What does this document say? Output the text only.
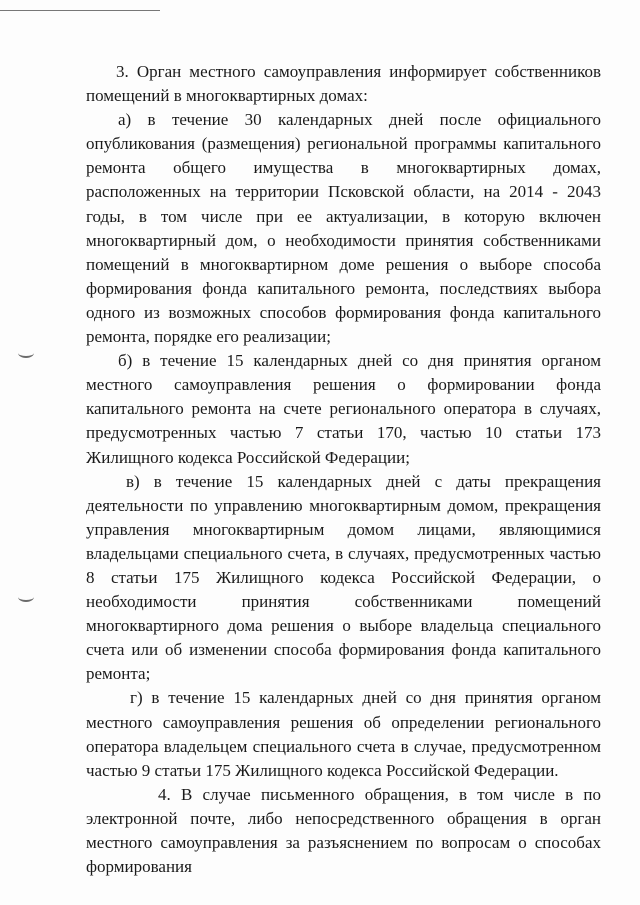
3. Орган местного самоуправления информирует собственников помещений в многоквартирных домах:

а) в течение 30 календарных дней после официального опубликования (размещения) региональной программы капитального ремонта общего имущества в многоквартирных домах, расположенных на территории Псковской области, на 2014 - 2043 годы, в том числе при ее актуализации, в которую включен многоквартирный дом, о необходимости принятия собственниками помещений в многоквартирном доме решения о выборе способа формирования фонда капитального ремонта, последствиях выбора одного из возможных способов формирования фонда капитального ремонта, порядке его реализации;

б) в течение 15 календарных дней со дня принятия органом местного самоуправления решения о формировании фонда капитального ремонта на счете регионального оператора в случаях, предусмотренных частью 7 статьи 170, частью 10 статьи 173 Жилищного кодекса Российской Федерации;

в) в течение 15 календарных дней с даты прекращения деятельности по управлению многоквартирным домом, прекращения управления многоквартирным домом лицами, являющимися владельцами специального счета, в случаях, предусмотренных частью 8 статьи 175 Жилищного кодекса Российской Федерации, о необходимости принятия собственниками помещений многоквартирного дома решения о выборе владельца специального счета или об изменении способа формирования фонда капитального ремонта;

г) в течение 15 календарных дней со дня принятия органом местного самоуправления решения об определении регионального оператора владельцем специального счета в случае, предусмотренном частью 9 статьи 175 Жилищного кодекса Российской Федерации.

4. В случае письменного обращения, в том числе в по электронной почте, либо непосредственного обращения в орган местного самоуправления за разъяснением по вопросам о способах формирования
